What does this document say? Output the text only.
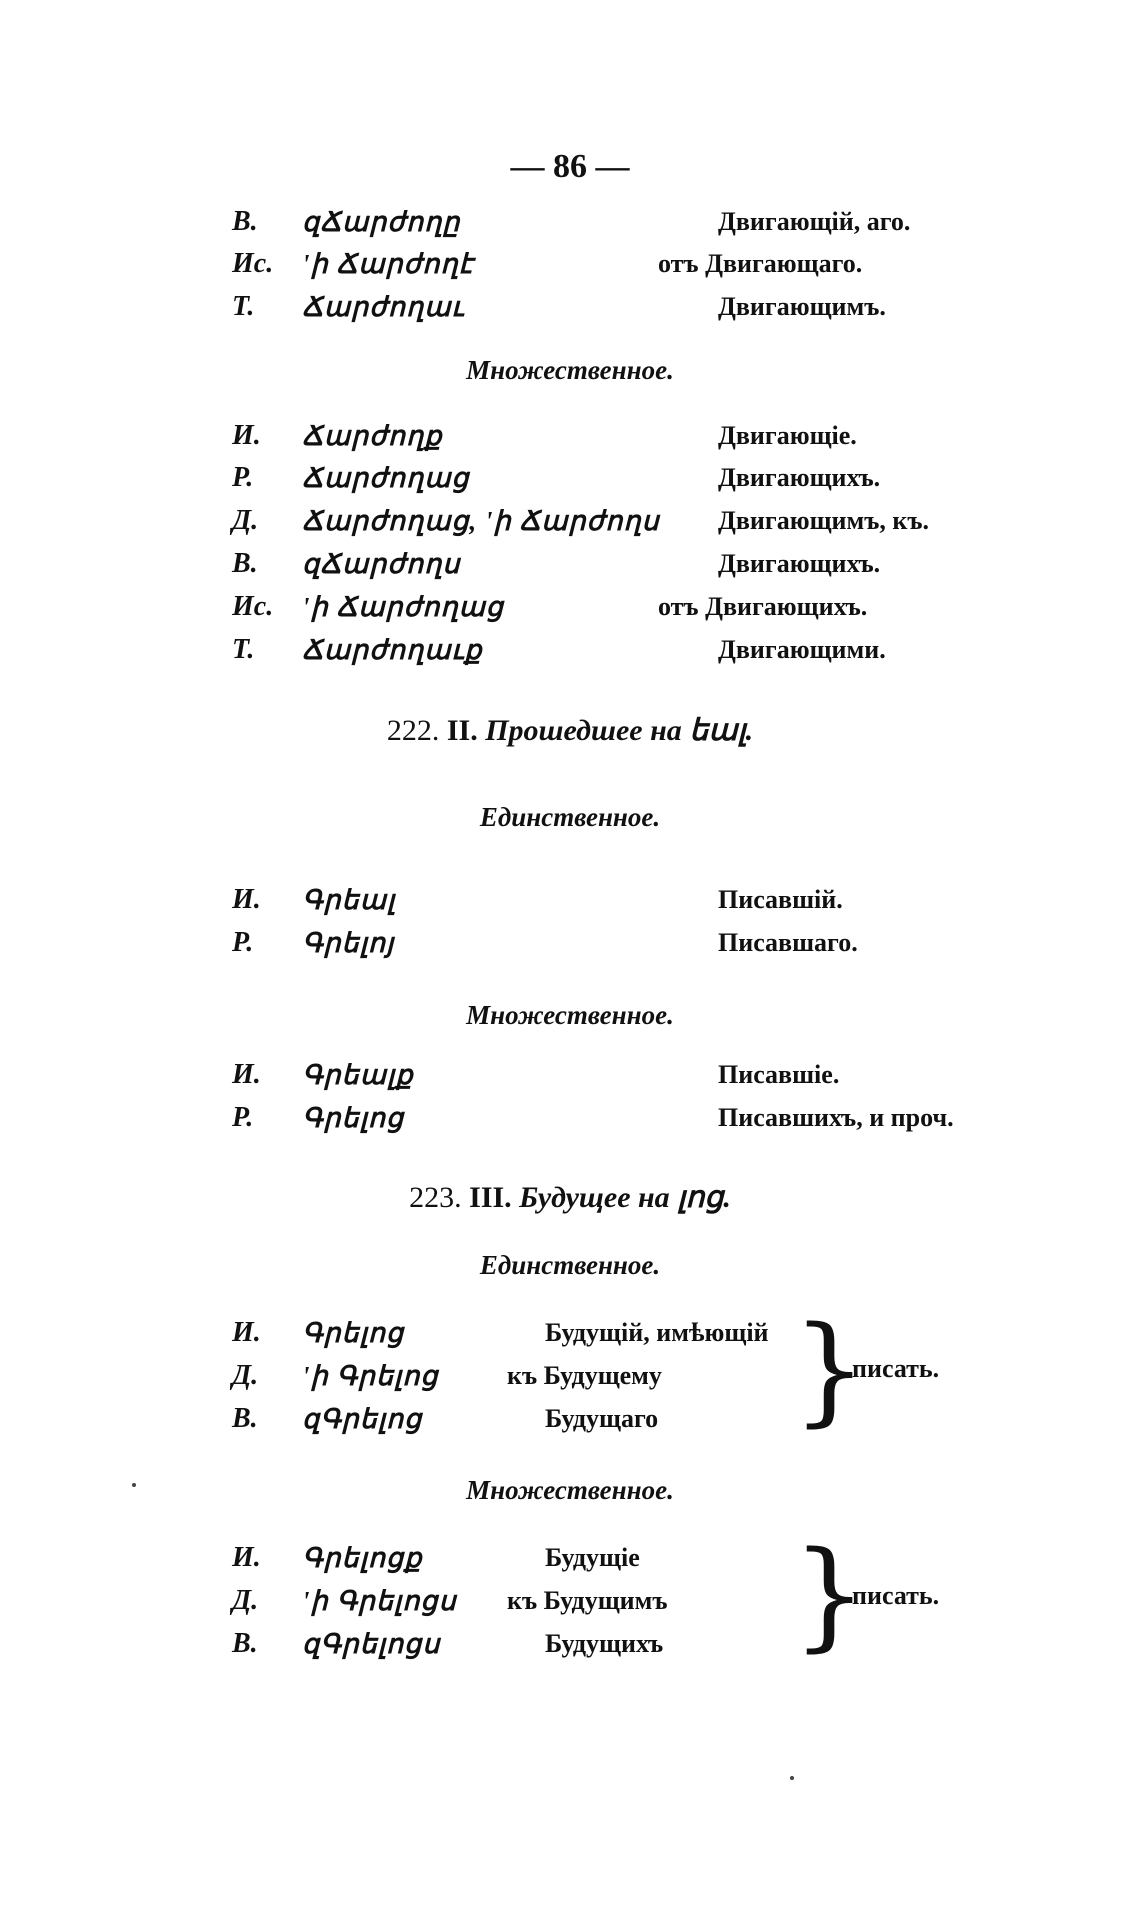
— 86 —
В. զՃարժողը	Двигающій, аго.
Ис. 'ի Ճարժողէ	отъ Двигающаго.
Т. Ճարժողաւ	Двигающимъ.
Множественное.
И. Ճարժողք	Двигающіе.
Р. Ճարժողաց	Двигающихъ.
Д. Ճարժողաց, 'ի Ճարժողս Двигающимъ, къ.
В. զՃարժողս	Двигающихъ.
Ис. 'ի Ճարժողաց	отъ Двигающихъ.
Т. Ճարժողաւք	Двигающими.
222. II. Прошедшее на եալ.
Единственное.
И. Գրեալ	Писавшій.
Р. Գրելոյ	Писавшаго.
Множественное.
И. Գրեալք	Писавшіе.
Р. Գրելոց	Писавшихъ, и проч.
223. III. Будущее на լոց.
Единственное.
И. Գրելոց	Будущій, имѣющій
Д. 'ի Գրելոց	къ Будущему
В. զԳրելոց	Будущаго }
писать.
Множественное.
И. Գրելոցք	Будущіе
Д. 'ի Գրելոցս къ Будущимъ
В. զԳրելոցս	Будущихъ }
писать.
